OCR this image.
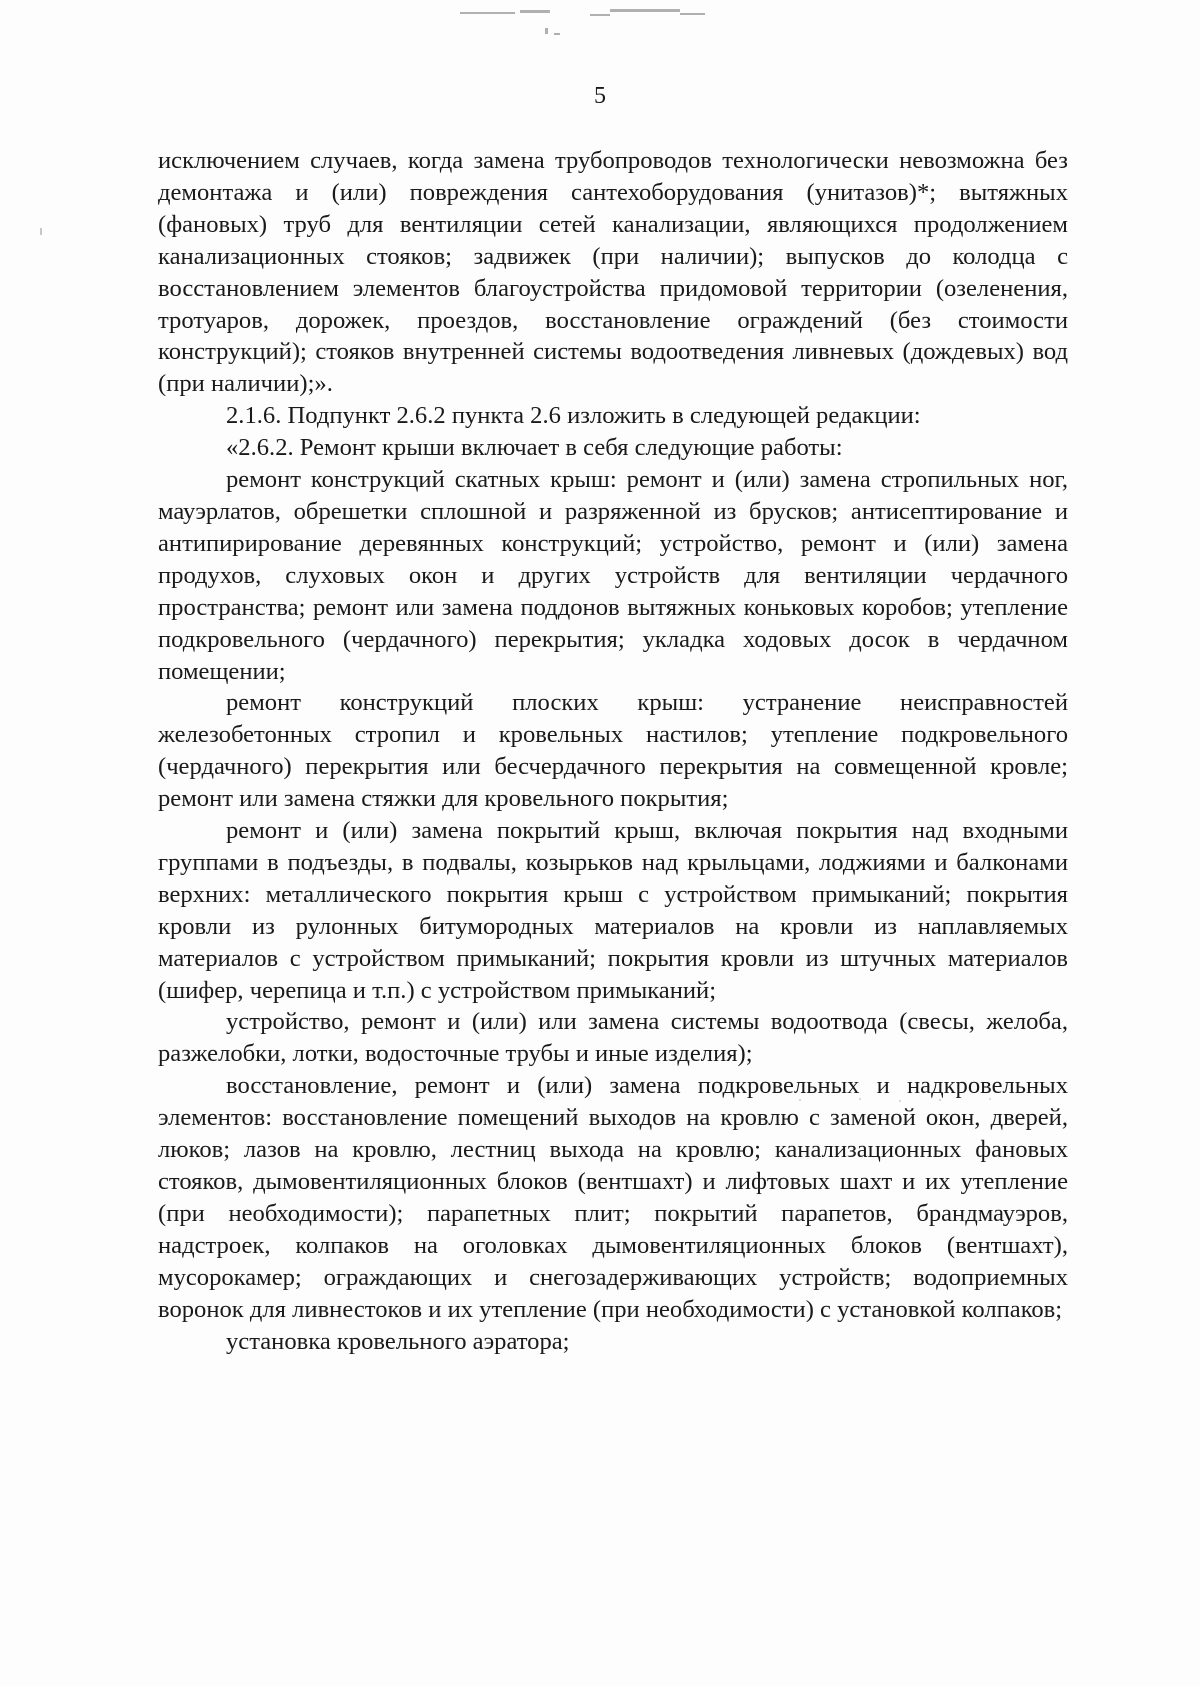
5

исключением случаев, когда замена трубопроводов технологически невозможна без демонтажа и (или) повреждения сантехоборудования (унитазов)*; вытяжных (фановых) труб для вентиляции сетей канализации, являющихся продолжением канализационных стояков; задвижек (при наличии); выпусков до колодца с восстановлением элементов благоустройства придомовой территории (озеленения, тротуаров, дорожек, проездов, восстановление ограждений (без стоимости конструкций); стояков внутренней системы водоотведения ливневых (дождевых) вод (при наличии);».

2.1.6. Подпункт 2.6.2 пункта 2.6 изложить в следующей редакции:

«2.6.2. Ремонт крыши включает в себя следующие работы:

ремонт конструкций скатных крыш: ремонт и (или) замена стропильных ног, мауэрлатов, обрешетки сплошной и разряженной из брусков; антисептирование и антипирирование деревянных конструкций; устройство, ремонт и (или) замена продухов, слуховых окон и других устройств для вентиляции чердачного пространства; ремонт или замена поддонов вытяжных коньковых коробов; утепление подкровельного (чердачного) перекрытия; укладка ходовых досок в чердачном помещении;

ремонт конструкций плоских крыш: устранение неисправностей железобетонных стропил и кровельных настилов; утепление подкровельного (чердачного) перекрытия или бесчердачного перекрытия на совмещенной кровле; ремонт или замена стяжки для кровельного покрытия;

ремонт и (или) замена покрытий крыш, включая покрытия над входными группами в подъезды, в подвалы, козырьков над крыльцами, лоджиями и балконами верхних: металлического покрытия крыш с устройством примыканий; покрытия кровли из рулонных битумородных материалов на кровли из наплавляемых материалов с устройством примыканий; покрытия кровли из штучных материалов (шифер, черепица и т.п.) с устройством примыканий;

устройство, ремонт и (или) или замена системы водоотвода (свесы, желоба, разжелобки, лотки, водосточные трубы и иные изделия);

восстановление, ремонт и (или) замена подкровельных и надкровельных элементов: восстановление помещений выходов на кровлю с заменой окон, дверей, люков; лазов на кровлю, лестниц выхода на кровлю; канализационных фановых стояков, дымовентиляционных блоков (вентшахт) и лифтовых шахт и их утепление (при необходимости); парапетных плит; покрытий парапетов, брандмауэров, надстроек, колпаков на оголовках дымовентиляционных блоков (вентшахт), мусорокамер; ограждающих и снегозадерживающих устройств; водоприемных воронок для ливнестоков и их утепление (при необходимости) с установкой колпаков;

установка кровельного аэратора;
